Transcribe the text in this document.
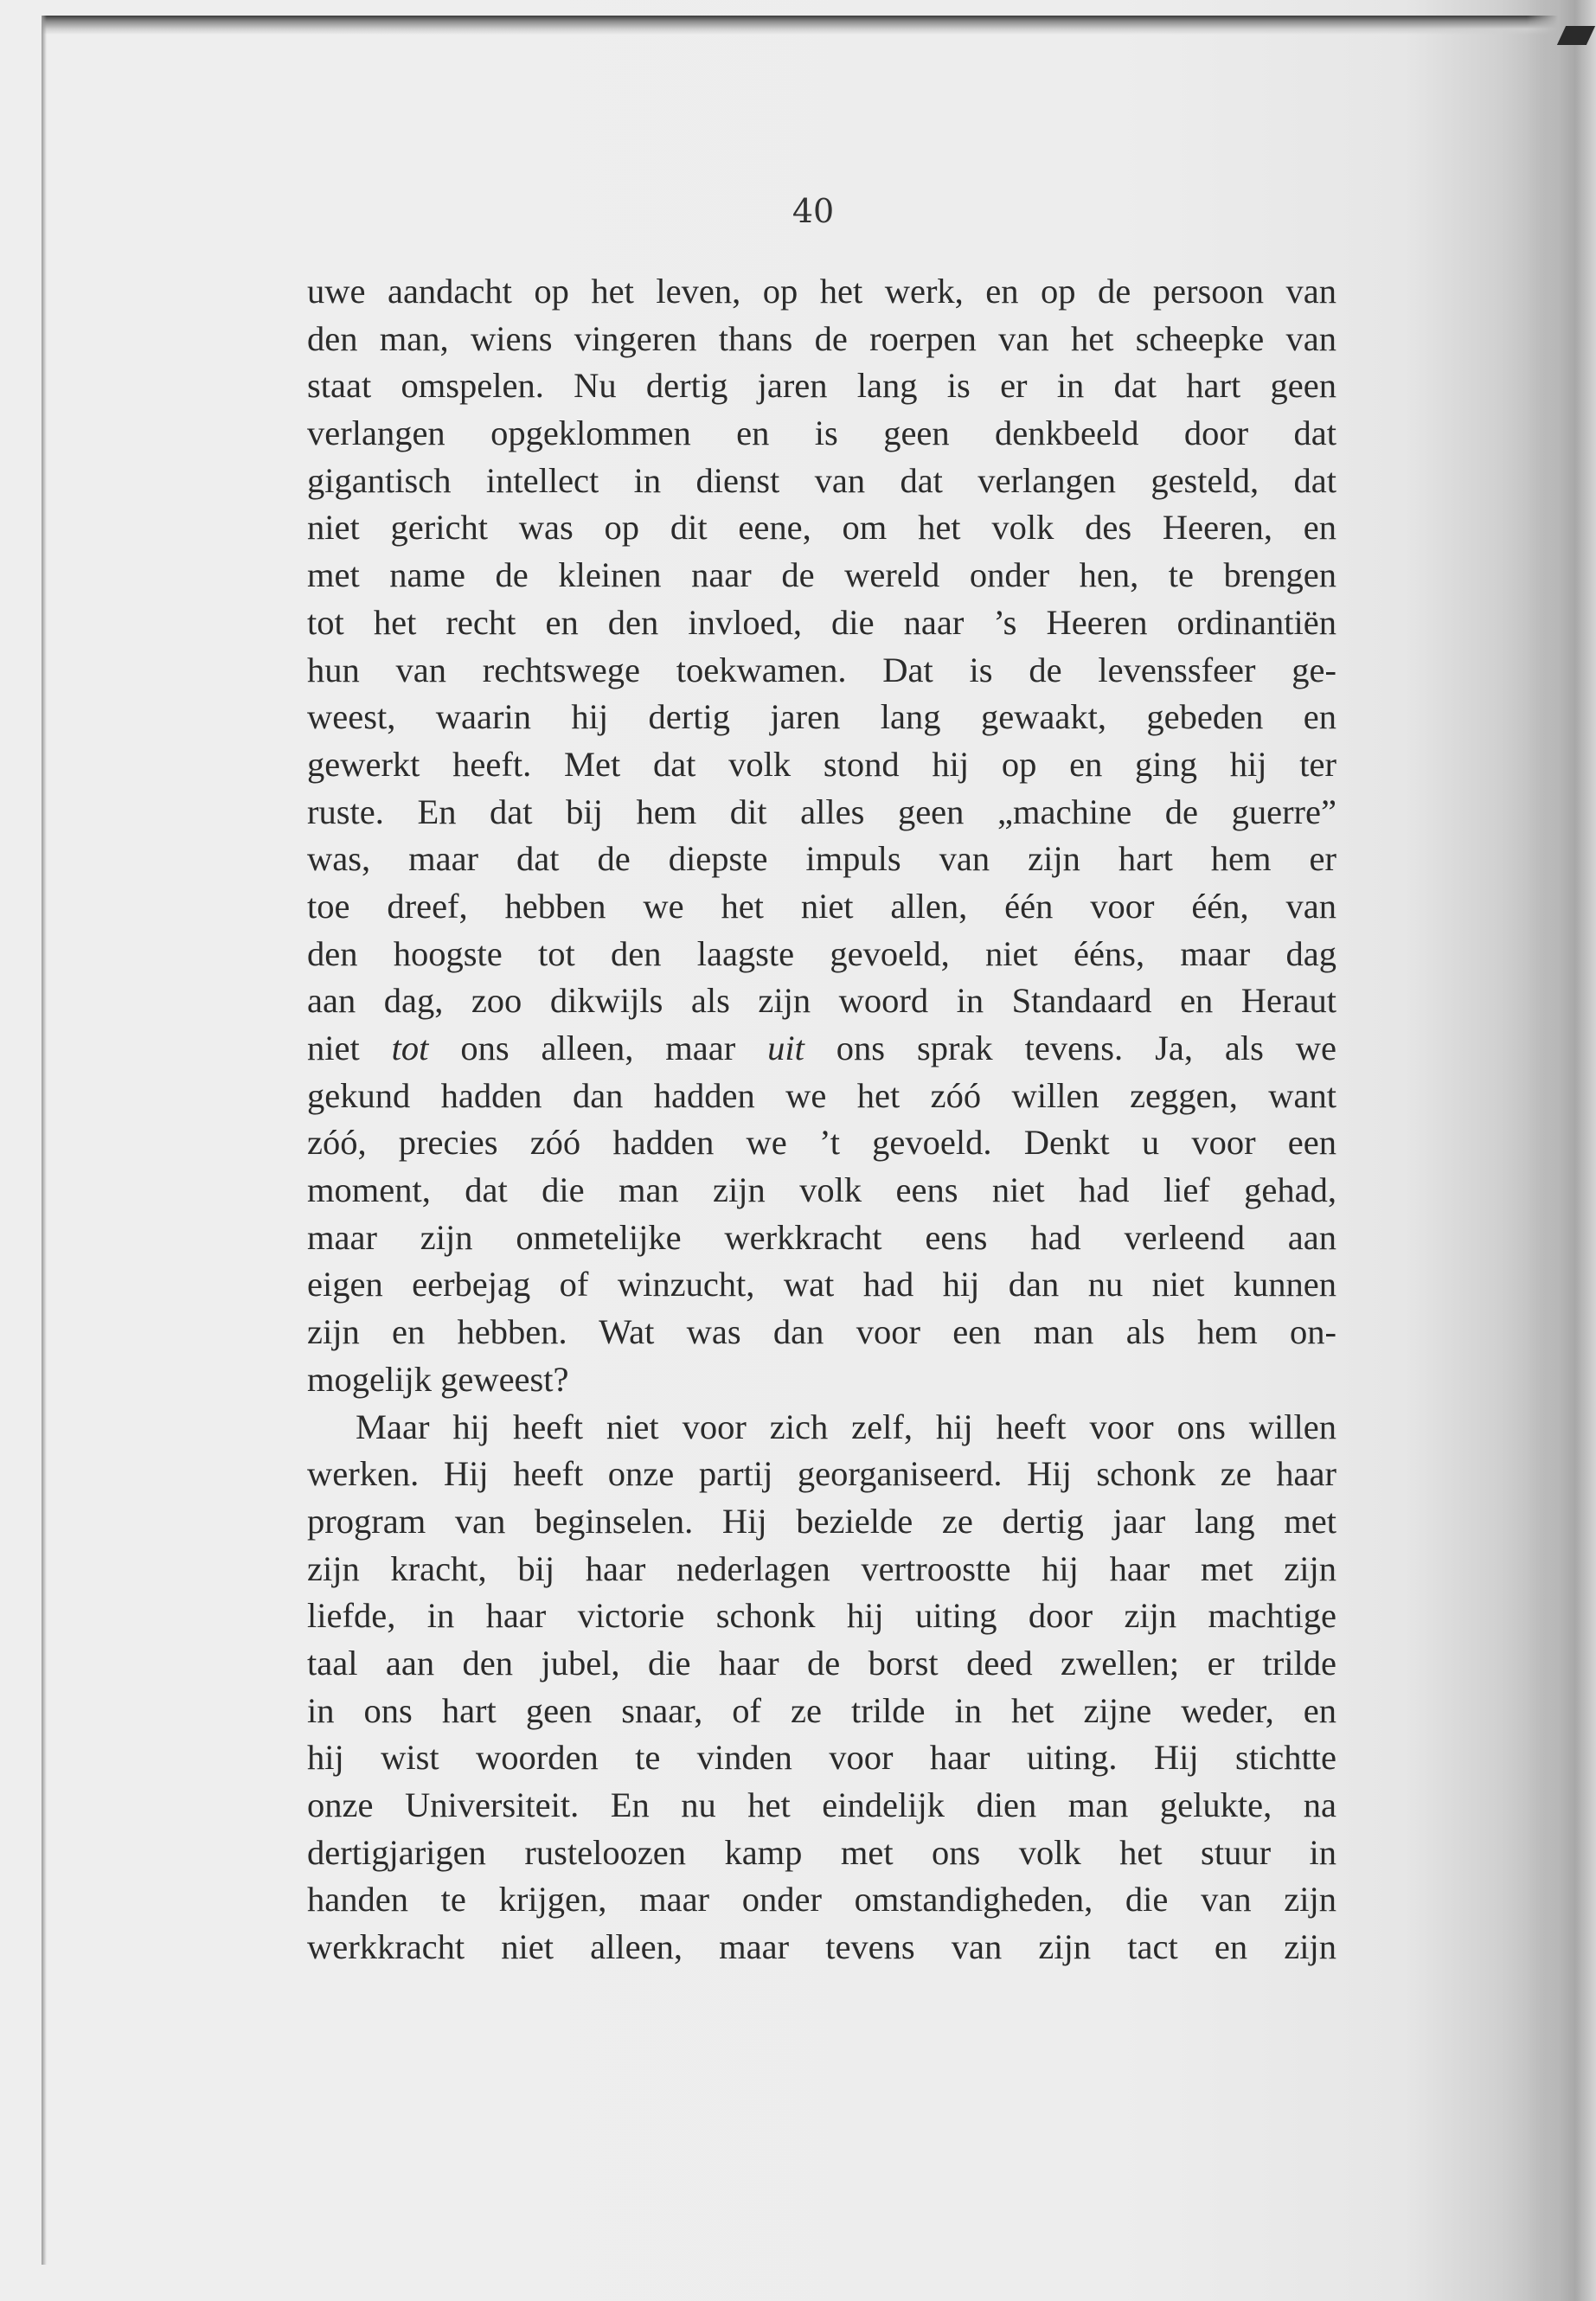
40
uwe aandacht op het leven, op het werk, en op de persoon van
den man, wiens vingeren thans de roerpen van het scheepke van
staat omspelen. Nu dertig jaren lang is er in dat hart geen
verlangen opgeklommen en is geen denkbeeld door dat
gigantisch intellect in dienst van dat verlangen gesteld, dat
niet gericht was op dit eene, om het volk des Heeren, en
met name de kleinen naar de wereld onder hen, te brengen
tot het recht en den invloed, die naar ’s Heeren ordinantiën
hun van rechtswege toekwamen. Dat is de levenssfeer ge-
weest, waarin hij dertig jaren lang gewaakt, gebeden en
gewerkt heeft. Met dat volk stond hij op en ging hij ter
ruste. En dat bij hem dit alles geen „machine de guerre”
was, maar dat de diepste impuls van zijn hart hem er
toe dreef, hebben we het niet allen, één voor één, van
den hoogste tot den laagste gevoeld, niet ééns, maar dag
aan dag, zoo dikwijls als zijn woord in Standaard en Heraut
niet tot ons alleen, maar uit ons sprak tevens. Ja, als we
gekund hadden dan hadden we het zóó willen zeggen, want
zóó, precies zóó hadden we ’t gevoeld. Denkt u voor een
moment, dat die man zijn volk eens niet had lief gehad,
maar zijn onmetelijke werkkracht eens had verleend aan
eigen eerbejag of winzucht, wat had hij dan nu niet kunnen
zijn en hebben. Wat was dan voor een man als hem on-
mogelijk geweest?
Maar hij heeft niet voor zich zelf, hij heeft voor ons willen
werken. Hij heeft onze partij georganiseerd. Hij schonk ze haar
program van beginselen. Hij bezielde ze dertig jaar lang met
zijn kracht, bij haar nederlagen vertroostte hij haar met zijn
liefde, in haar victorie schonk hij uiting door zijn machtige
taal aan den jubel, die haar de borst deed zwellen; er trilde
in ons hart geen snaar, of ze trilde in het zijne weder, en
hij wist woorden te vinden voor haar uiting. Hij stichtte
onze Universiteit. En nu het eindelijk dien man gelukte, na
dertigjarigen rusteloozen kamp met ons volk het stuur in
handen te krijgen, maar onder omstandigheden, die van zijn
werkkracht niet alleen, maar tevens van zijn tact en zijn
